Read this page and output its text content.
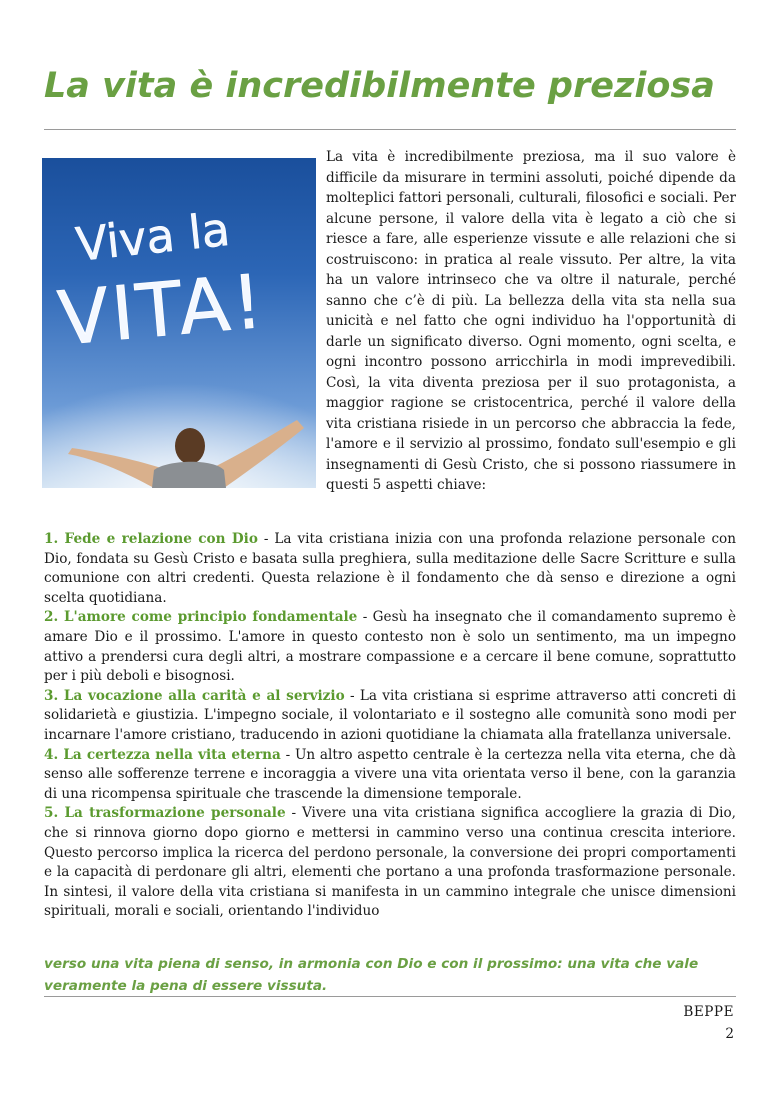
La vita è incredibilmente preziosa
Viva la
VITA!

La vita è incredibilmente preziosa, ma il suo valore è difficile da misurare in termini assoluti, poiché dipende da molteplici fattori personali, culturali, filosofici e sociali. Per alcune persone, il valore della vita è legato a ciò che si riesce a fare, alle esperienze vissute e alle relazioni che si costruiscono: in pratica al reale vissuto. Per altre, la vita ha un valore intrinseco che va oltre il naturale, perché sanno che c’è di più. La bellezza della vita sta nella sua unicità e nel fatto che ogni individuo ha l'opportunità di darle un significato diverso. Ogni momento, ogni scelta, e ogni incontro possono arricchirla in modi imprevedibili. Così, la vita diventa preziosa per il suo protagonista, a maggior ragione se cristocentrica, perché il valore della vita cristiana risiede in un percorso che abbraccia la fede, l'amore e il servizio al prossimo, fondato sull'esempio e gli insegnamenti di Gesù Cristo, che si possono riassumere in questi 5 aspetti chiave:

1. Fede e relazione con Dio - La vita cristiana inizia con una profonda relazione personale con Dio, fondata su Gesù Cristo e basata sulla preghiera, sulla meditazione delle Sacre Scritture e sulla comunione con altri credenti. Questa relazione è il fondamento che dà senso e direzione a ogni scelta quotidiana.

2. L'amore come principio fondamentale - Gesù ha insegnato che il comandamento supremo è amare Dio e il prossimo. L'amore in questo contesto non è solo un sentimento, ma un impegno attivo a prendersi cura degli altri, a mostrare compassione e a cercare il bene comune, soprattutto per i più deboli e bisognosi.

3. La vocazione alla carità e al servizio - La vita cristiana si esprime attraverso atti concreti di solidarietà e giustizia. L'impegno sociale, il volontariato e il sostegno alle comunità sono modi per incarnare l'amore cristiano, traducendo in azioni quotidiane la chiamata alla fratellanza universale.

4. La certezza nella vita eterna - Un altro aspetto centrale è la certezza nella vita eterna, che dà senso alle sofferenze terrene e incoraggia a vivere una vita orientata verso il bene, con la garanzia di una ricompensa spirituale che trascende la dimensione temporale.

5. La trasformazione personale - Vivere una vita cristiana significa accogliere la grazia di Dio, che si rinnova giorno dopo giorno e mettersi in cammino verso una continua crescita interiore. Questo percorso implica la ricerca del perdono personale, la conversione dei propri comportamenti e la capacità di perdonare gli altri, elementi che portano a una profonda trasformazione personale. In sintesi, il valore della vita cristiana si manifesta in un cammino integrale che unisce dimensioni spirituali, morali e sociali, orientando l'individuo

verso una vita piena di senso, in armonia con Dio e con il prossimo: una vita che vale veramente la pena di essere vissuta.

BEPPE

2
